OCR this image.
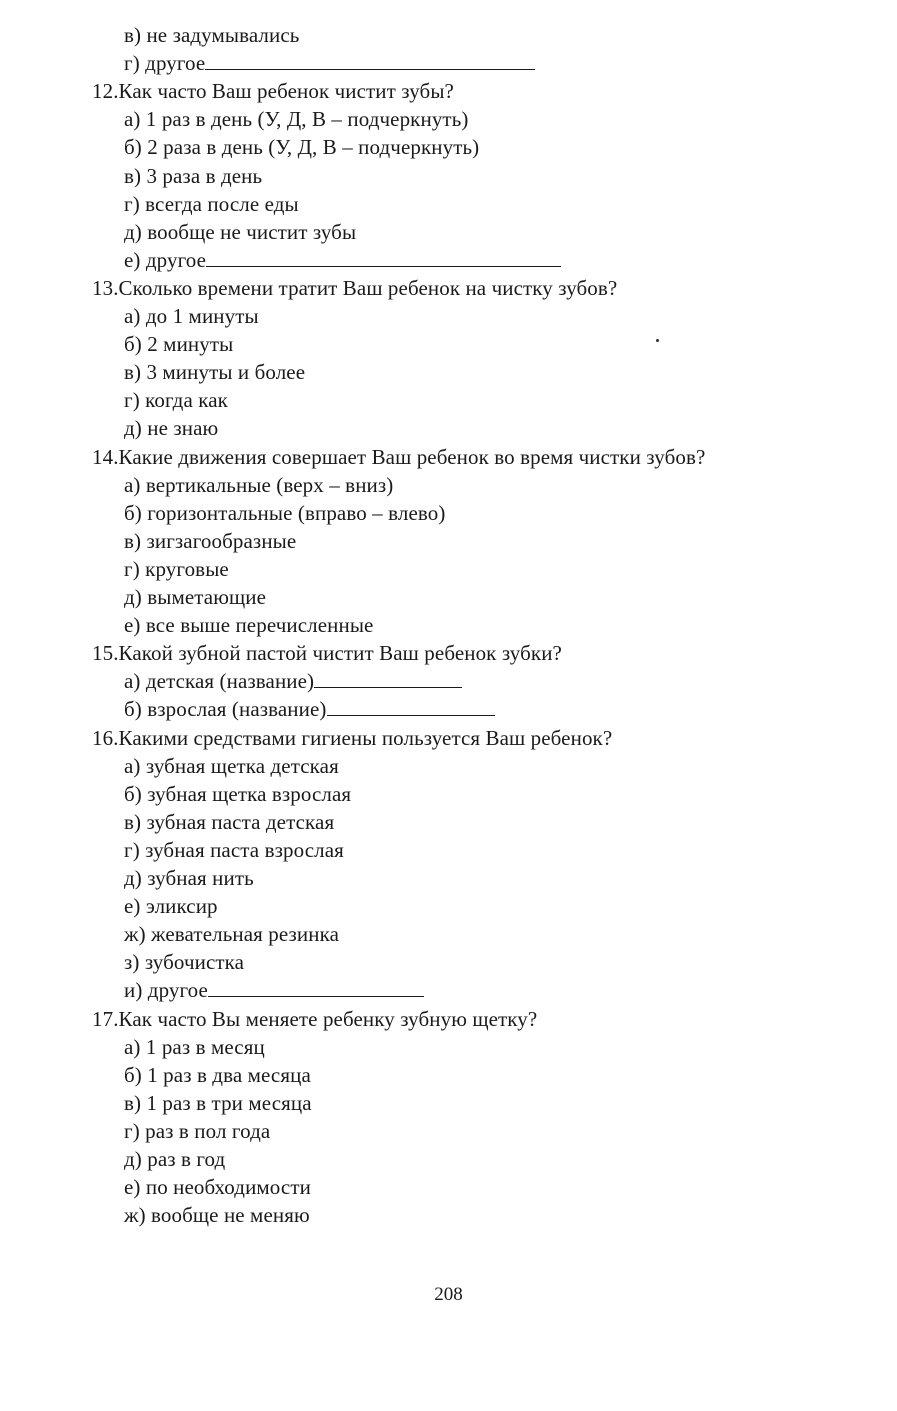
в) не задумывались
г) другое
12.Как часто Ваш ребенок чистит зубы?
а) 1 раз в день (У, Д, В – подчеркнуть)
б) 2 раза в день (У, Д, В – подчеркнуть)
в) 3 раза в день
г) всегда после еды
д) вообще не чистит зубы
е) другое
13.Сколько времени тратит Ваш ребенок на чистку зубов?
а) до 1 минуты
б) 2 минуты
в) 3 минуты и более
г) когда как
д) не знаю
14.Какие движения совершает Ваш ребенок во время чистки зубов?
а) вертикальные (верх – вниз)
б) горизонтальные (вправо – влево)
в) зигзагообразные
г) круговые
д) выметающие
е) все выше перечисленные
15.Какой зубной пастой чистит Ваш ребенок зубки?
а) детская (название)
б) взрослая (название)
16.Какими средствами гигиены пользуется Ваш ребенок?
а) зубная щетка детская
б) зубная щетка взрослая
в) зубная паста детская
г) зубная паста взрослая
д) зубная нить
е) эликсир
ж) жевательная резинка
з) зубочистка
и) другое
17.Как часто Вы меняете ребенку зубную щетку?
а) 1 раз в месяц
б) 1 раз в два месяца
в) 1 раз в три месяца
г) раз в пол года
д) раз в год
е) по необходимости
ж) вообще не меняю
208
